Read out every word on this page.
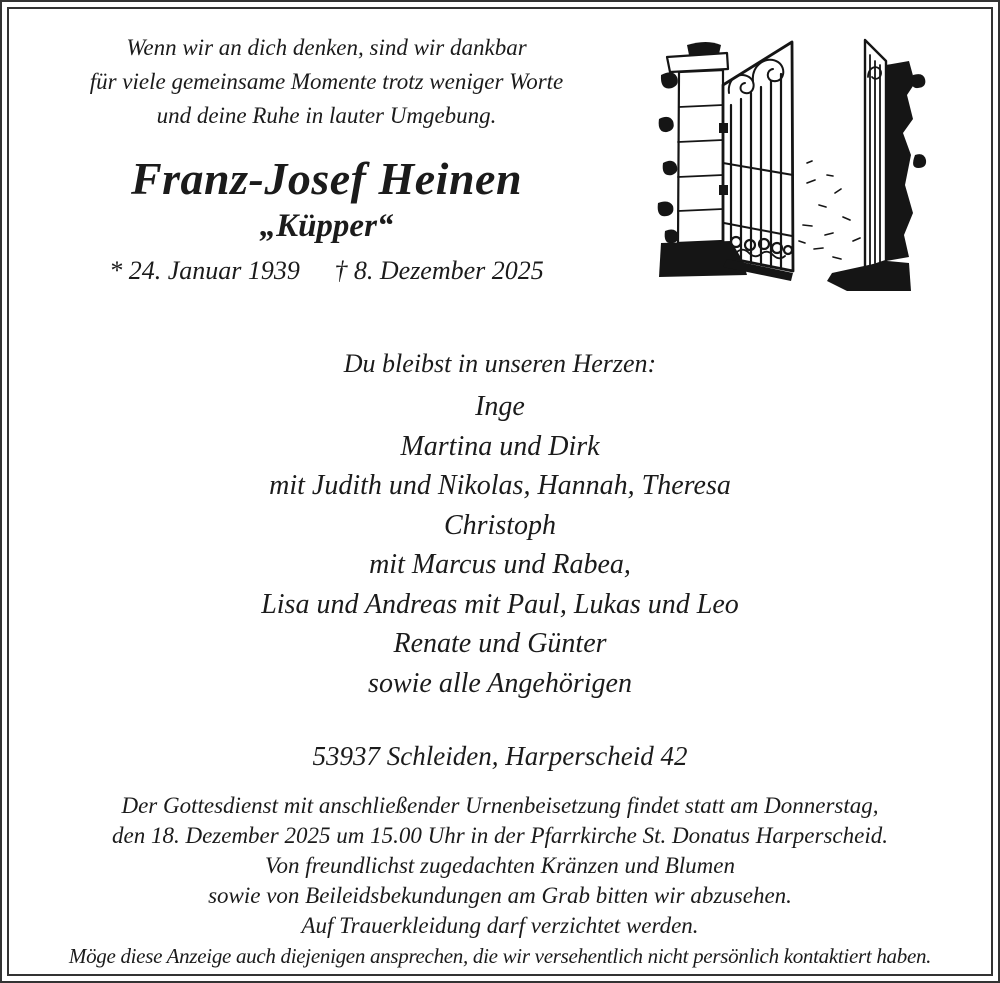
Wenn wir an dich denken, sind wir dankbar
für viele gemeinsame Momente trotz weniger Worte
und deine Ruhe in lauter Umgebung.
Franz-Josef Heinen
„Küpper“
* 24. Januar 1939 † 8. Dezember 2025
Du bleibst in unseren Herzen:
Inge
Martina und Dirk
mit Judith und Nikolas, Hannah, Theresa
Christoph
mit Marcus und Rabea,
Lisa und Andreas mit Paul, Lukas und Leo
Renate und Günter
sowie alle Angehörigen
53937 Schleiden, Harperscheid 42
Der Gottesdienst mit anschließender Urnenbeisetzung findet statt am Donnerstag,
den 18. Dezember 2025 um 15.00 Uhr in der Pfarrkirche St. Donatus Harperscheid.
Von freundlichst zugedachten Kränzen und Blumen
sowie von Beileidsbekundungen am Grab bitten wir abzusehen.
Auf Trauerkleidung darf verzichtet werden.
Möge diese Anzeige auch diejenigen ansprechen, die wir versehentlich nicht persönlich kontaktiert haben.
